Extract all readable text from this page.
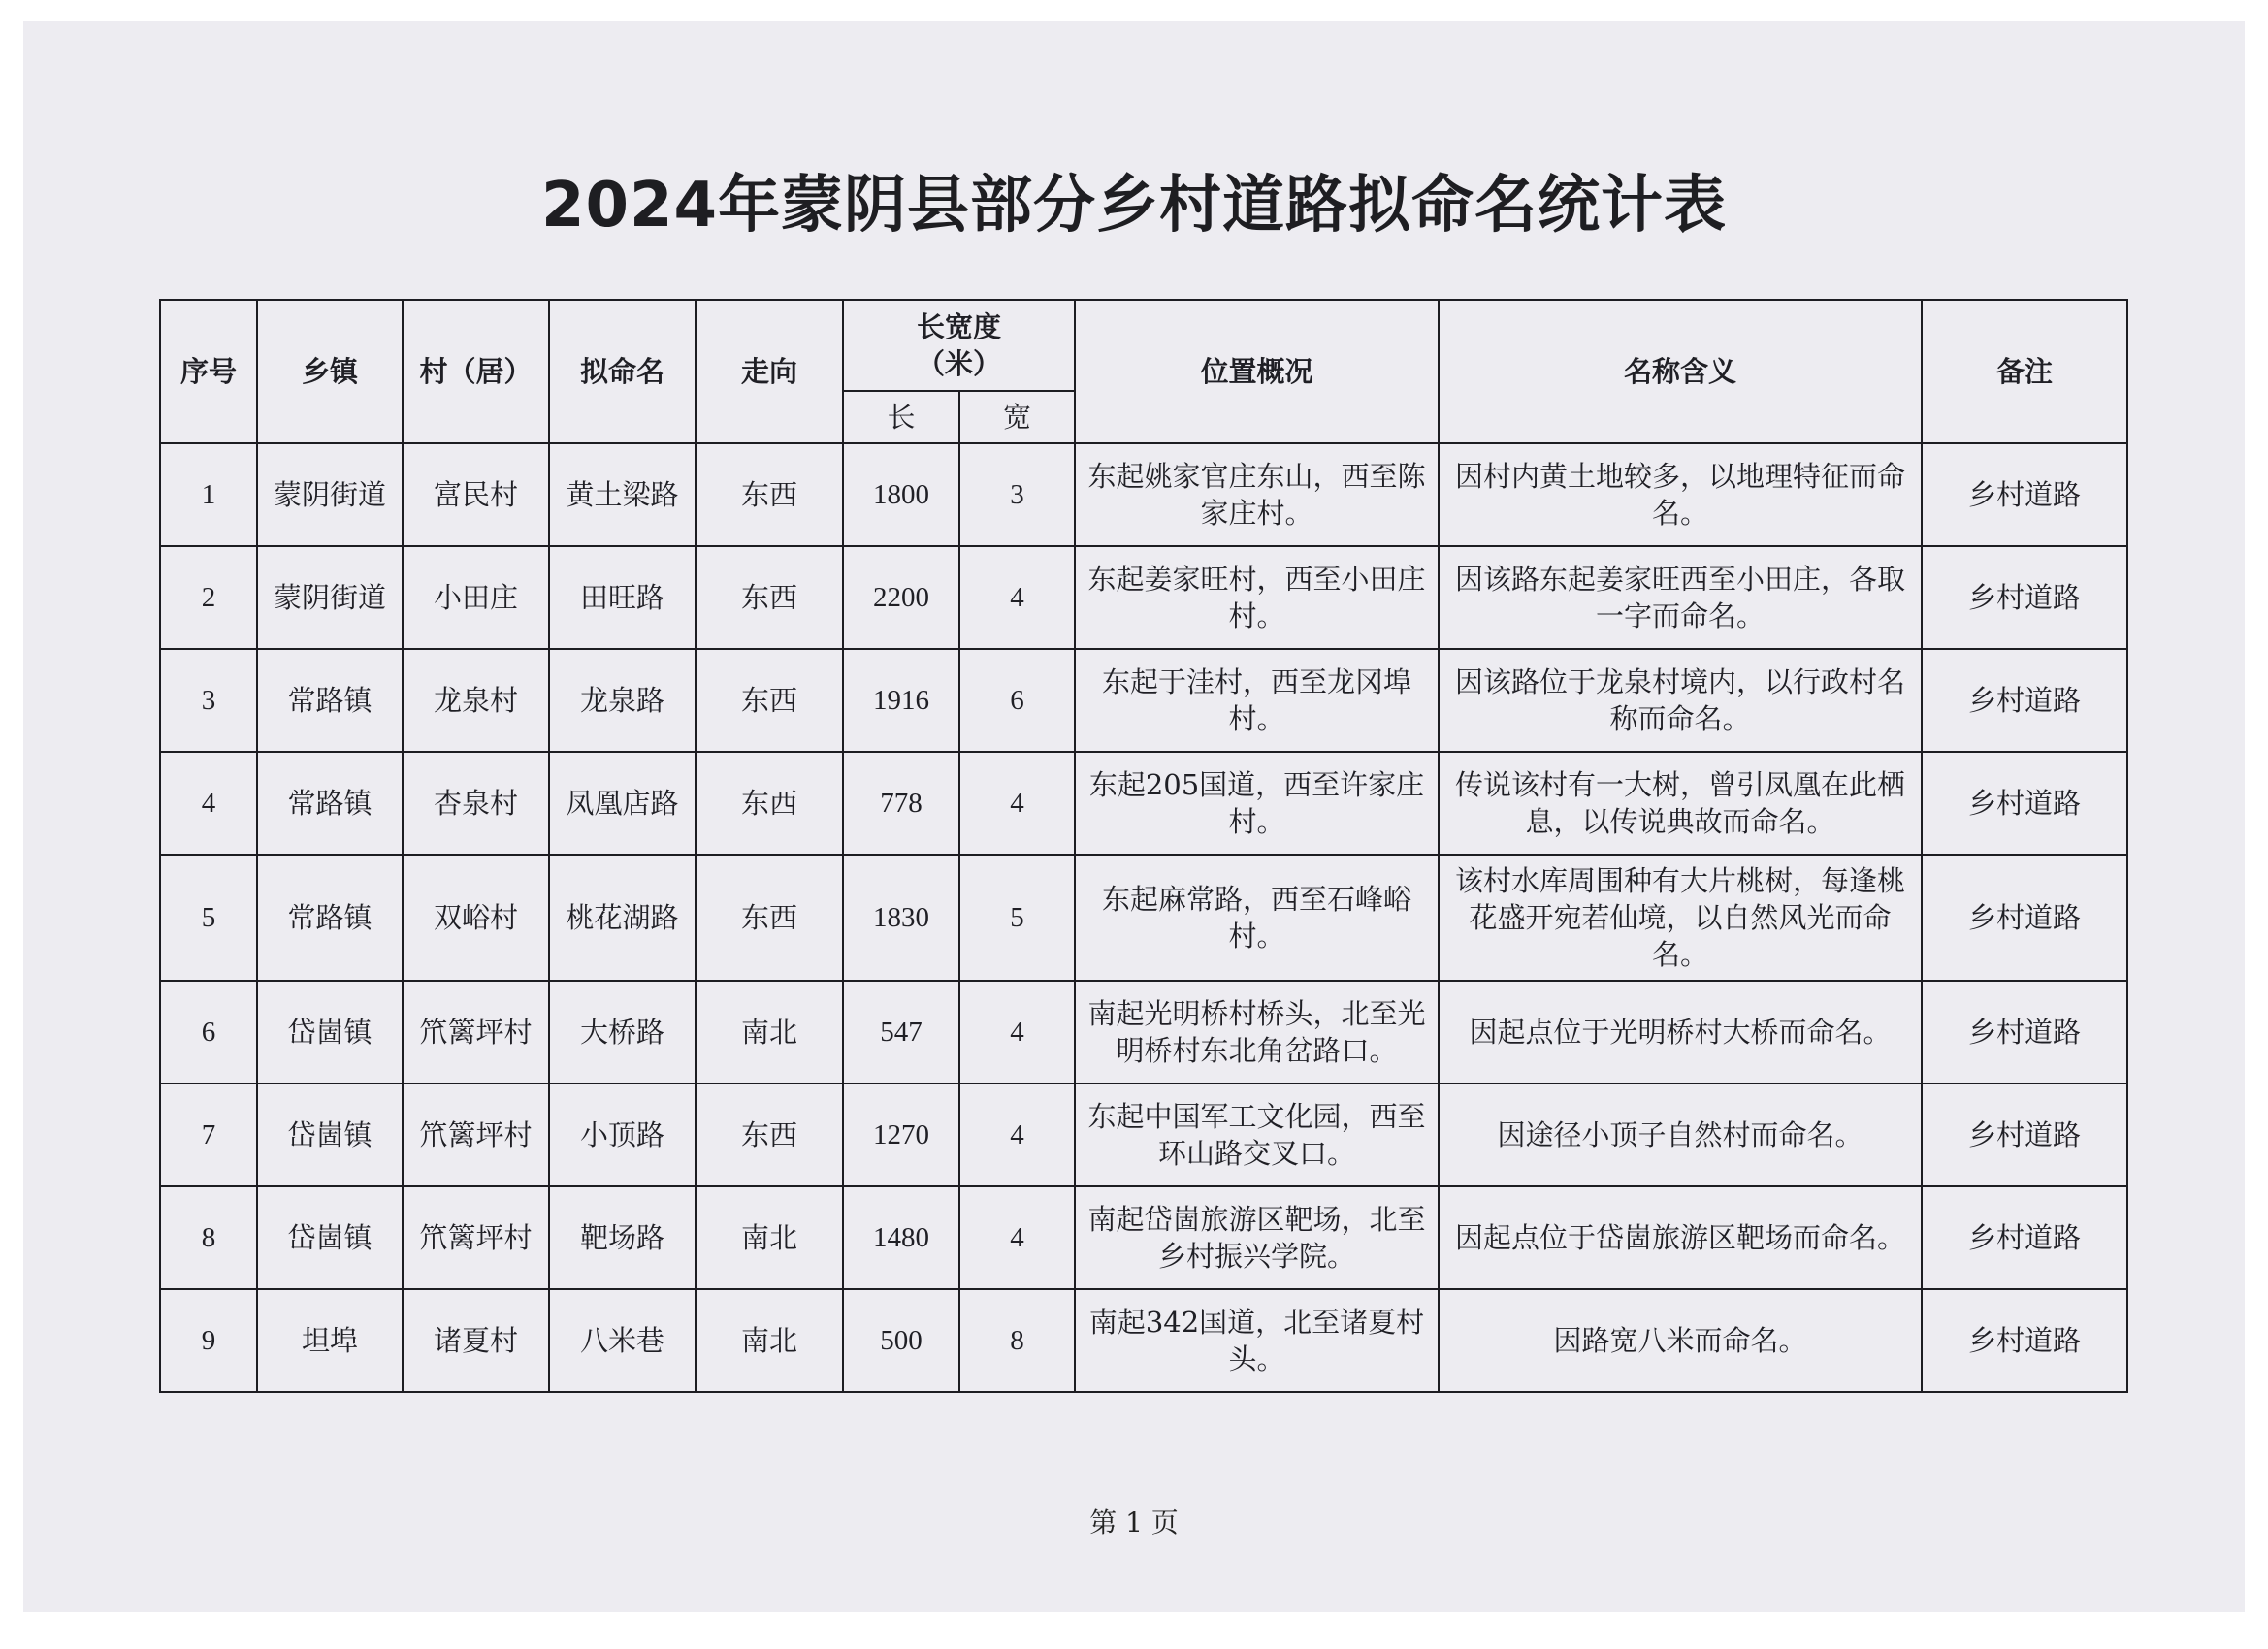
2024年蒙阴县部分乡村道路拟命名统计表
序号	乡镇	村（居）	拟命名	走向	长宽度
（米）		位置概况	名称含义	备注
					长	宽			
1	蒙阴街道	富民村	黄土梁路	东西	1800	3	东起姚家官庄东山，西至陈家庄村。	因村内黄土地较多，以地理特征而命名。	乡村道路
2	蒙阴街道	小田庄	田旺路	东西	2200	4	东起姜家旺村，西至小田庄村。	因该路东起姜家旺西至小田庄，各取一字而命名。	乡村道路
3	常路镇	龙泉村	龙泉路	东西	1916	6	东起于洼村，西至龙冈埠村。	因该路位于龙泉村境内，以行政村名称而命名。	乡村道路
4	常路镇	杏泉村	凤凰店路	东西	778	4	东起205国道，西至许家庄村。	传说该村有一大树，曾引凤凰在此栖息，以传说典故而命名。	乡村道路
5	常路镇	双峪村	桃花湖路	东西	1830	5	东起麻常路，西至石峰峪村。	该村水库周围种有大片桃树，每逢桃花盛开宛若仙境，以自然风光而命名。	乡村道路
6	岱崮镇	笊篱坪村	大桥路	南北	547	4	南起光明桥村桥头，北至光明桥村东北角岔路口。	因起点位于光明桥村大桥而命名。	乡村道路
7	岱崮镇	笊篱坪村	小顶路	东西	1270	4	东起中国军工文化园，西至环山路交叉口。	因途径小顶子自然村而命名。	乡村道路
8	岱崮镇	笊篱坪村	靶场路	南北	1480	4	南起岱崮旅游区靶场，北至乡村振兴学院。	因起点位于岱崮旅游区靶场而命名。	乡村道路
9	坦埠	诸夏村	八米巷	南北	500	8	南起342国道，北至诸夏村头。	因路宽八米而命名。	乡村道路
第 1 页
